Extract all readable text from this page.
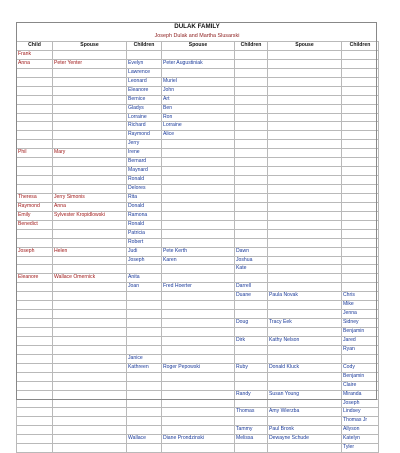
DULAK FAMILY
Joseph Dulak and Martha Slusarski
Child	Spouse	Children	Spouse	Children	Spouse	Children
Frank						
Anna	Peter Yenter	Evelyn	Peter Augustiniak			
		Lawrence				
		Leonard	Muriel			
		Eleanore	John			
		Bernice	Art			
		Gladys	Ben			
		Lorraine	Ron			
		Richard	Lorraine			
		Raymond	Alice			
		Jerry				
Phil	Mary	Irene				
		Bernard				
		Maynard				
		Ronald				
		Delores				
Theresa	Jerry Simonis	Rita				
Raymond	Anna	Donald				
Emily	Sylvester Kropidlowski	Ramona				
Benedict		Ronald				
		Patricia				
		Robert				
Joseph	Helen	Judi	Pete Kerth	Dawn		
		Joseph	Karen	Joshua		
				Kate		
Eleanore	Wallace Omernick	Anita				
		Joan	Fred Hoerter	Darrell		
				Duane	Paula Novak	Chris
						Mike
						Jenna
				Doug	Tracy Eek	Sidney
						Benjamin
				Dirk	Kathy Nelson	Jared
						Ryan
		Janice				
		Kathreen	Roger Pepowski	Ruby	Donald Kluck	Cody
						Benjamin
						Claire
				Randy	Susan Young	Miranda
						Joseph
				Thomas	Amy Wierzba	Lindsey
						Thomas Jr
				Tammy	Paul Bronk	Allyson
		Wallace	Diane Prondzinski	Melissa	Dewayne Schude	Katelyn
						Tyler
